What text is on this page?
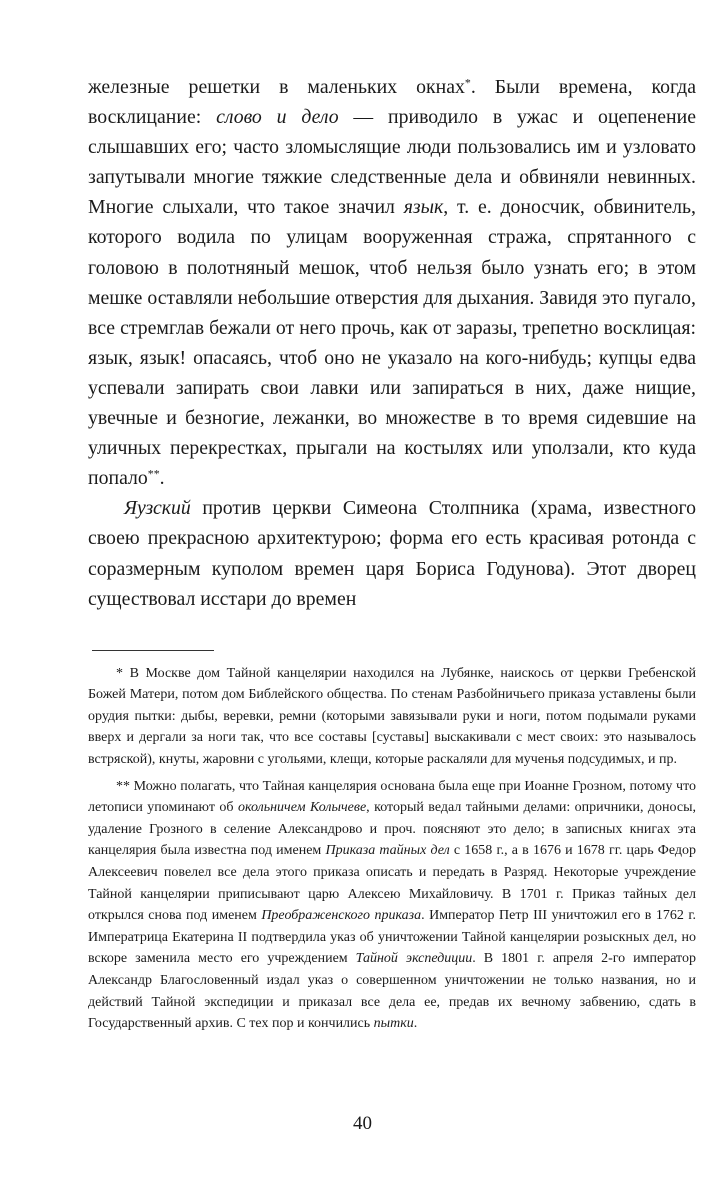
железные решетки в маленьких окнах*. Были времена, когда восклицание: слово и дело — приводило в ужас и оцепенение слышавших его; часто зломыслящие люди пользовались им и узловато запутывали многие тяжкие следственные дела и обвиняли невинных. Многие слыхали, что такое значил язык, т. е. доносчик, обвинитель, которого водила по улицам вооруженная стража, спрятанного с головою в полотняный мешок, чтоб нельзя было узнать его; в этом мешке оставляли небольшие отверстия для дыхания. Завидя это пугало, все стремглав бежали от него прочь, как от заразы, трепетно восклицая: язык, язык! опасаясь, чтоб оно не указало на кого-нибудь; купцы едва успевали запирать свои лавки или запираться в них, даже нищие, увечные и безногие, лежанки, во множестве в то время сидевшие на уличных перекрестках, прыгали на костылях или уползали, кто куда попало**.

Яузский против церкви Симеона Столпника (храма, известного своею прекрасною архитектурою; форма его есть красивая ротонда с соразмерным куполом времен царя Бориса Годунова). Этот дворец существовал исстари до времен

* В Москве дом Тайной канцелярии находился на Лубянке, наискось от церкви Гребенской Божей Матери, потом дом Библейского общества. По стенам Разбойничьего приказа уставлены были орудия пытки: дыбы, веревки, ремни (которыми завязывали руки и ноги, потом подымали руками вверх и дергали за ноги так, что все составы [суставы] выскакивали с мест своих: это называлось встряской), кнуты, жаровни с угольями, клещи, которые раскаляли для мученья подсудимых, и пр.

** Можно полагать, что Тайная канцелярия основана была еще при Иоанне Грозном, потому что летописи упоминают об окольничем Колычеве, который ведал тайными делами: опричники, доносы, удаление Грозного в селение Александрово и проч. поясняют это дело; в записных книгах эта канцелярия была известна под именем Приказа тайных дел с 1658 г., а в 1676 и 1678 гг. царь Федор Алексеевич повелел все дела этого приказа описать и передать в Разряд. Некоторые учреждение Тайной канцелярии приписывают царю Алексею Михайловичу. В 1701 г. Приказ тайных дел открылся снова под именем Преображенского приказа. Император Петр III уничтожил его в 1762 г. Императрица Екатерина II подтвердила указ об уничтожении Тайной канцелярии розыскных дел, но вскоре заменила место его учреждением Тайной экспедиции. В 1801 г. апреля 2-го император Александр Благословенный издал указ о совершенном уничтожении не только названия, но и действий Тайной экспедиции и приказал все дела ее, предав их вечному забвению, сдать в Государственный архив. С тех пор и кончились пытки.

40
